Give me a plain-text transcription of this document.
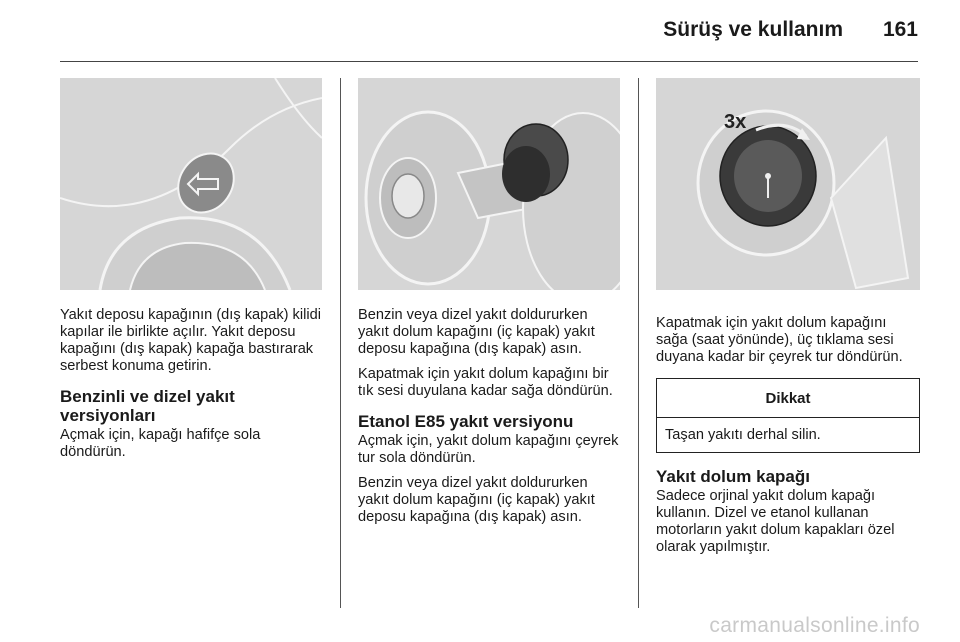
Sürüş ve kullanım 161

Yakıt deposu kapağının (dış kapak) kilidi kapılar ile birlikte açılır. Yakıt deposu kapağını (dış kapak) kapağa bastırarak serbest konuma getirin.

Benzinli ve dizel yakıt versiyonları

Açmak için, kapağı hafifçe sola döndürün.

Benzin veya dizel yakıt doldururken yakıt dolum kapağını (iç kapak) yakıt deposu kapağına (dış kapak) asın.

Kapatmak için yakıt dolum kapağını bir tık sesi duyulana kadar sağa döndürün.

Etanol E85 yakıt versiyonu

Açmak için, yakıt dolum kapağını çeyrek tur sola döndürün.

Benzin veya dizel yakıt doldururken yakıt dolum kapağını (iç kapak) yakıt deposu kapağına (dış kapak) asın.

3x

Kapatmak için yakıt dolum kapağını sağa (saat yönünde), üç tıklama sesi duyana kadar bir çeyrek tur döndürün.

Dikkat
Taşan yakıtı derhal silin.
Yakıt dolum kapağı

Sadece orjinal yakıt dolum kapağı kullanın. Dizel ve etanol kullanan motorların yakıt dolum kapakları özel olarak yapılmıştır.

carmanualsonline.info
